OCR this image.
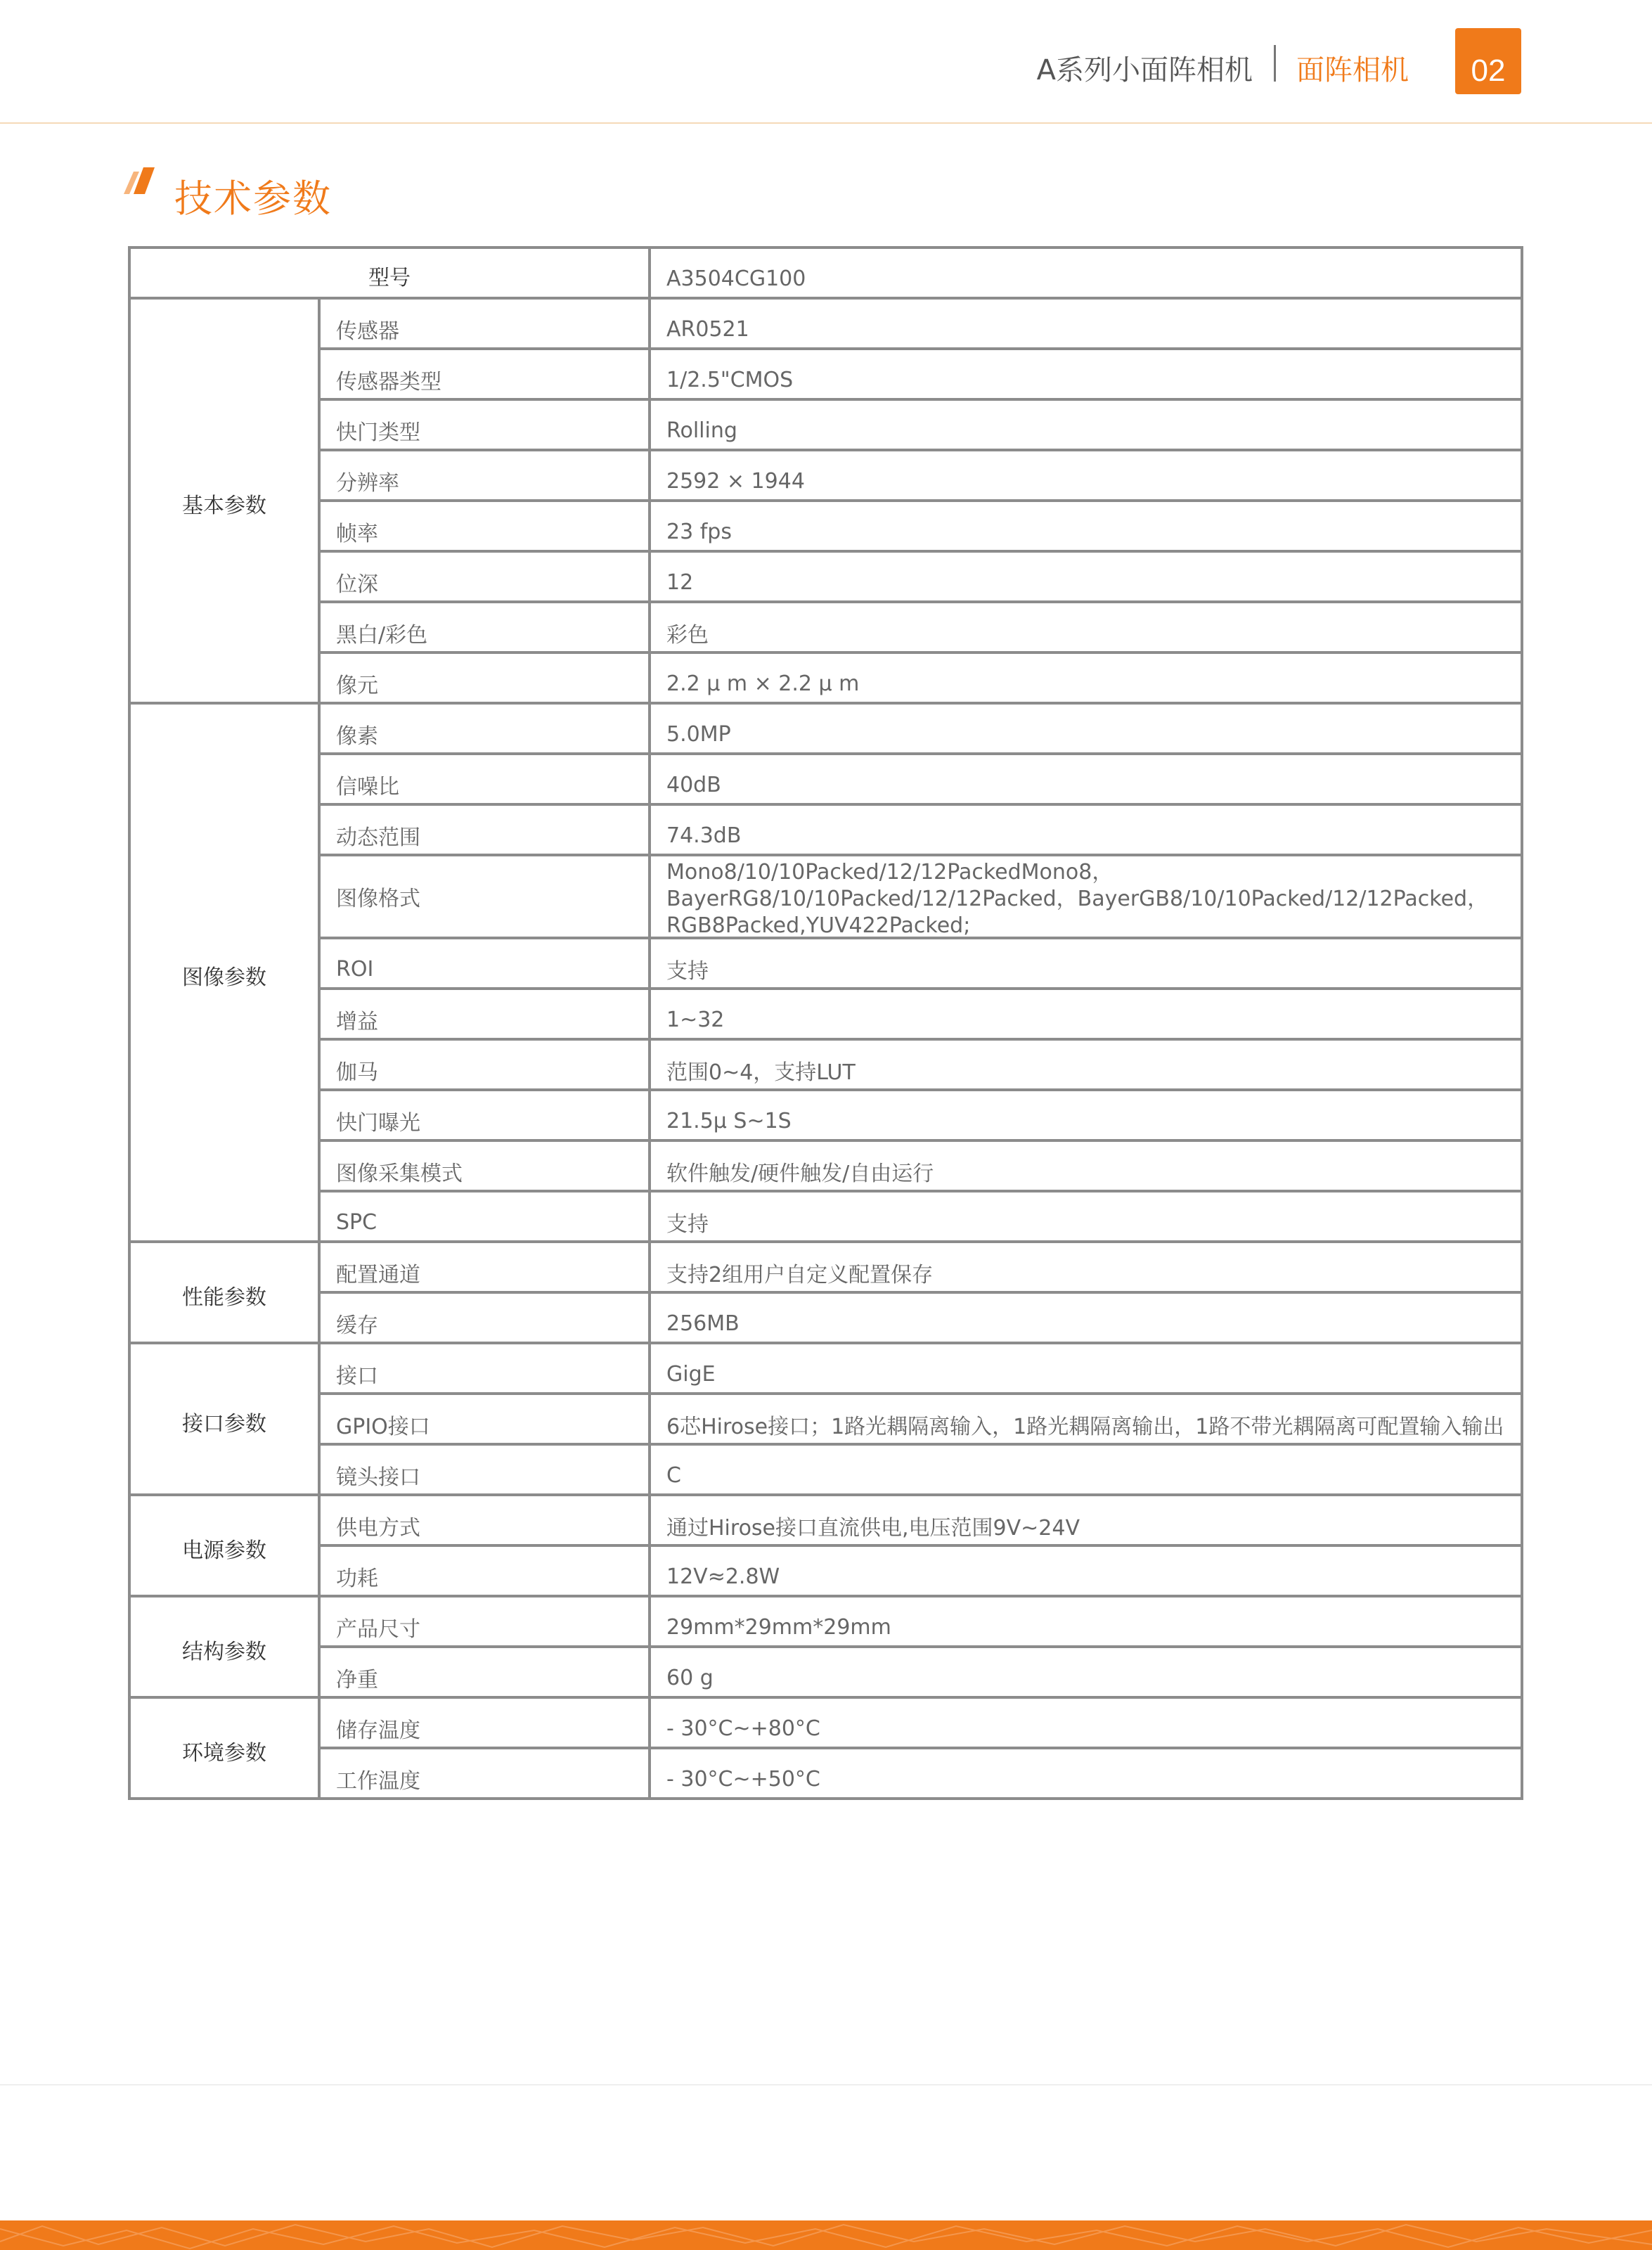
A系列小面阵相机 面阵相机	02
技术参数
型号		A3504CG100
基本参数	传感器	AR0521
	传感器类型	1/2.5"CMOS
	快门类型	Rolling
	分辨率	2592 × 1944
	帧率	23 fps
	位深	12
	黑白/彩色	彩色
	像元	2.2 μ m × 2.2 μ m
图像参数	像素	5.0MP
	信噪比	40dB
	动态范围	74.3dB
	图像格式	Mono8/10/10Packed/12/12PackedMono8，BayerRG8/10/10Packed/12/12Packed，BayerGB8/10/10Packed/12/12Packed，RGB8Packed,YUV422Packed;
	ROI	支持
	增益	1~32
	伽马	范围0~4，支持LUT
	快门曝光	21.5μ S~1S
	图像采集模式	软件触发/硬件触发/自由运行
	SPC	支持
性能参数	配置通道	支持2组用户自定义配置保存
	缓存	256MB
接口参数	接口	GigE
	GPIO接口	6芯Hirose接口；1路光耦隔离输入，1路光耦隔离输出，1路不带光耦隔离可配置输入输出
	镜头接口	C
电源参数	供电方式	通过Hirose接口直流供电,电压范围9V~24V
	功耗	12V≈2.8W
结构参数	产品尺寸	29mm*29mm*29mm
	净重	60 g
环境参数	储存温度	- 30°C~+80°C
	工作温度	- 30°C~+50°C
